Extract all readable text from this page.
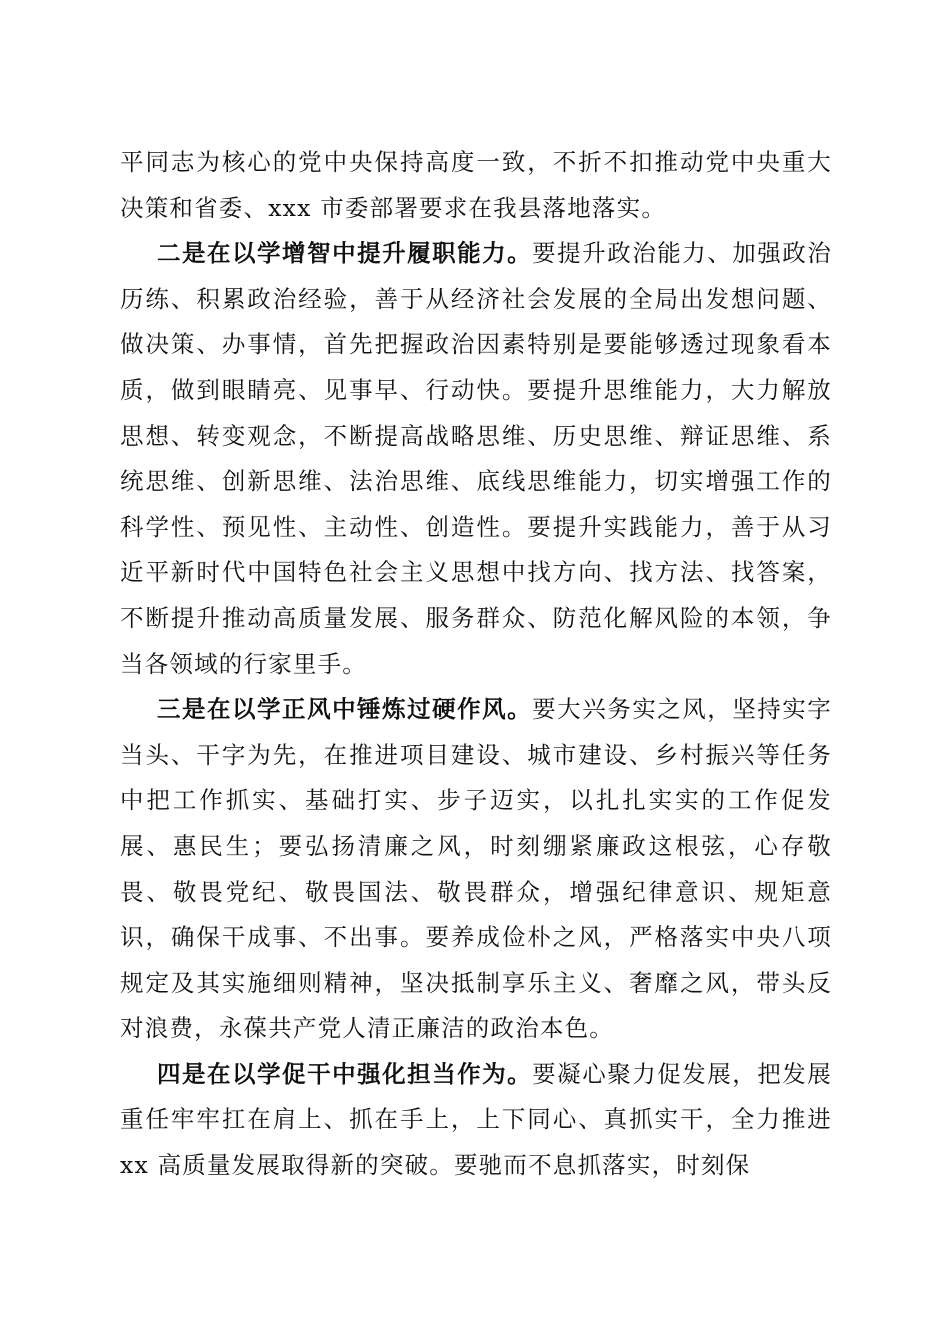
平同志为核心的党中央保持高度一致，不折不扣推动党中央重大决策和省委、xxx 市委部署要求在我县落地落实。

二是在以学增智中提升履职能力。要提升政治能力、加强政治历练、积累政治经验，善于从经济社会发展的全局出发想问题、做决策、办事情，首先把握政治因素特别是要能够透过现象看本质，做到眼睛亮、见事早、行动快。要提升思维能力，大力解放思想、转变观念，不断提高战略思维、历史思维、辩证思维、系统思维、创新思维、法治思维、底线思维能力，切实增强工作的科学性、预见性、主动性、创造性。要提升实践能力，善于从习近平新时代中国特色社会主义思想中找方向、找方法、找答案，不断提升推动高质量发展、服务群众、防范化解风险的本领，争当各领域的行家里手。

三是在以学正风中锤炼过硬作风。要大兴务实之风，坚持实字当头、干字为先，在推进项目建设、城市建设、乡村振兴等任务中把工作抓实、基础打实、步子迈实，以扎扎实实的工作促发展、惠民生；要弘扬清廉之风，时刻绷紧廉政这根弦，心存敬畏、敬畏党纪、敬畏国法、敬畏群众，增强纪律意识、规矩意识，确保干成事、不出事。要养成俭朴之风，严格落实中央八项规定及其实施细则精神，坚决抵制享乐主义、奢靡之风，带头反对浪费，永葆共产党人清正廉洁的政治本色。

四是在以学促干中强化担当作为。要凝心聚力促发展，把发展重任牢牢扛在肩上、抓在手上，上下同心、真抓实干，全力推进 xx 高质量发展取得新的突破。要驰而不息抓落实，时刻保
